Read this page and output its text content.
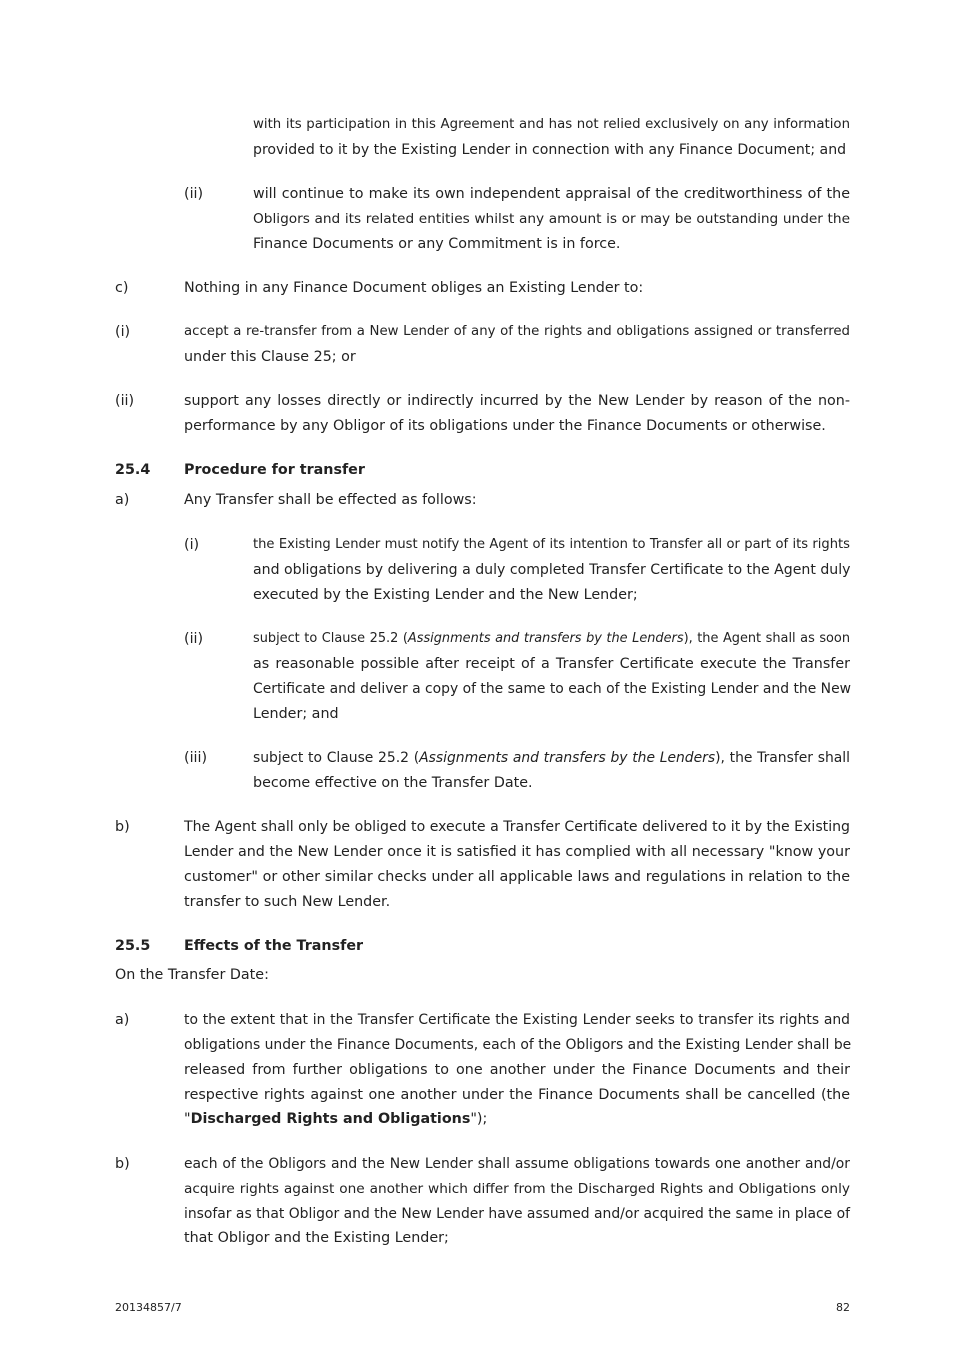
with its participation in this Agreement and has not relied exclusively on any information
provided to it by the Existing Lender in connection with any Finance Document; and
(ii)	will continue to make its own independent appraisal of the creditworthiness of the
Obligors and its related entities whilst any amount is or may be outstanding under the
Finance Documents or any Commitment is in force.
c)	Nothing in any Finance Document obliges an Existing Lender to:
(i)	accept a re-transfer from a New Lender of any of the rights and obligations assigned or transferred
under this Clause 25; or
(ii)	support any losses directly or indirectly incurred by the New Lender by reason of the non-
performance by any Obligor of its obligations under the Finance Documents or otherwise.
25.4 Procedure for transfer
a)	Any Transfer shall be effected as follows:
(i)	the Existing Lender must notify the Agent of its intention to Transfer all or part of its rights
and obligations by delivering a duly completed Transfer Certificate to the Agent duly
executed by the Existing Lender and the New Lender;
(ii)	subject to Clause 25.2 (Assignments and transfers by the Lenders), the Agent shall as soon
as reasonable possible after receipt of a Transfer Certificate execute the Transfer
Certificate and deliver a copy of the same to each of the Existing Lender and the New
Lender; and
(iii)	subject to Clause 25.2 (Assignments and transfers by the Lenders), the Transfer shall
become effective on the Transfer Date.
b)	The Agent shall only be obliged to execute a Transfer Certificate delivered to it by the Existing
Lender and the New Lender once it is satisfied it has complied with all necessary "know your
customer" or other similar checks under all applicable laws and regulations in relation to the
transfer to such New Lender.
25.5 Effects of the Transfer
On the Transfer Date:
a)	to the extent that in the Transfer Certificate the Existing Lender seeks to transfer its rights and
obligations under the Finance Documents, each of the Obligors and the Existing Lender shall be
released from further obligations to one another under the Finance Documents and their
respective rights against one another under the Finance Documents shall be cancelled (the
"Discharged Rights and Obligations");
b)	each of the Obligors and the New Lender shall assume obligations towards one another and/or
acquire rights against one another which differ from the Discharged Rights and Obligations only
insofar as that Obligor and the New Lender have assumed and/or acquired the same in place of
that Obligor and the Existing Lender;
20134857/7	82
